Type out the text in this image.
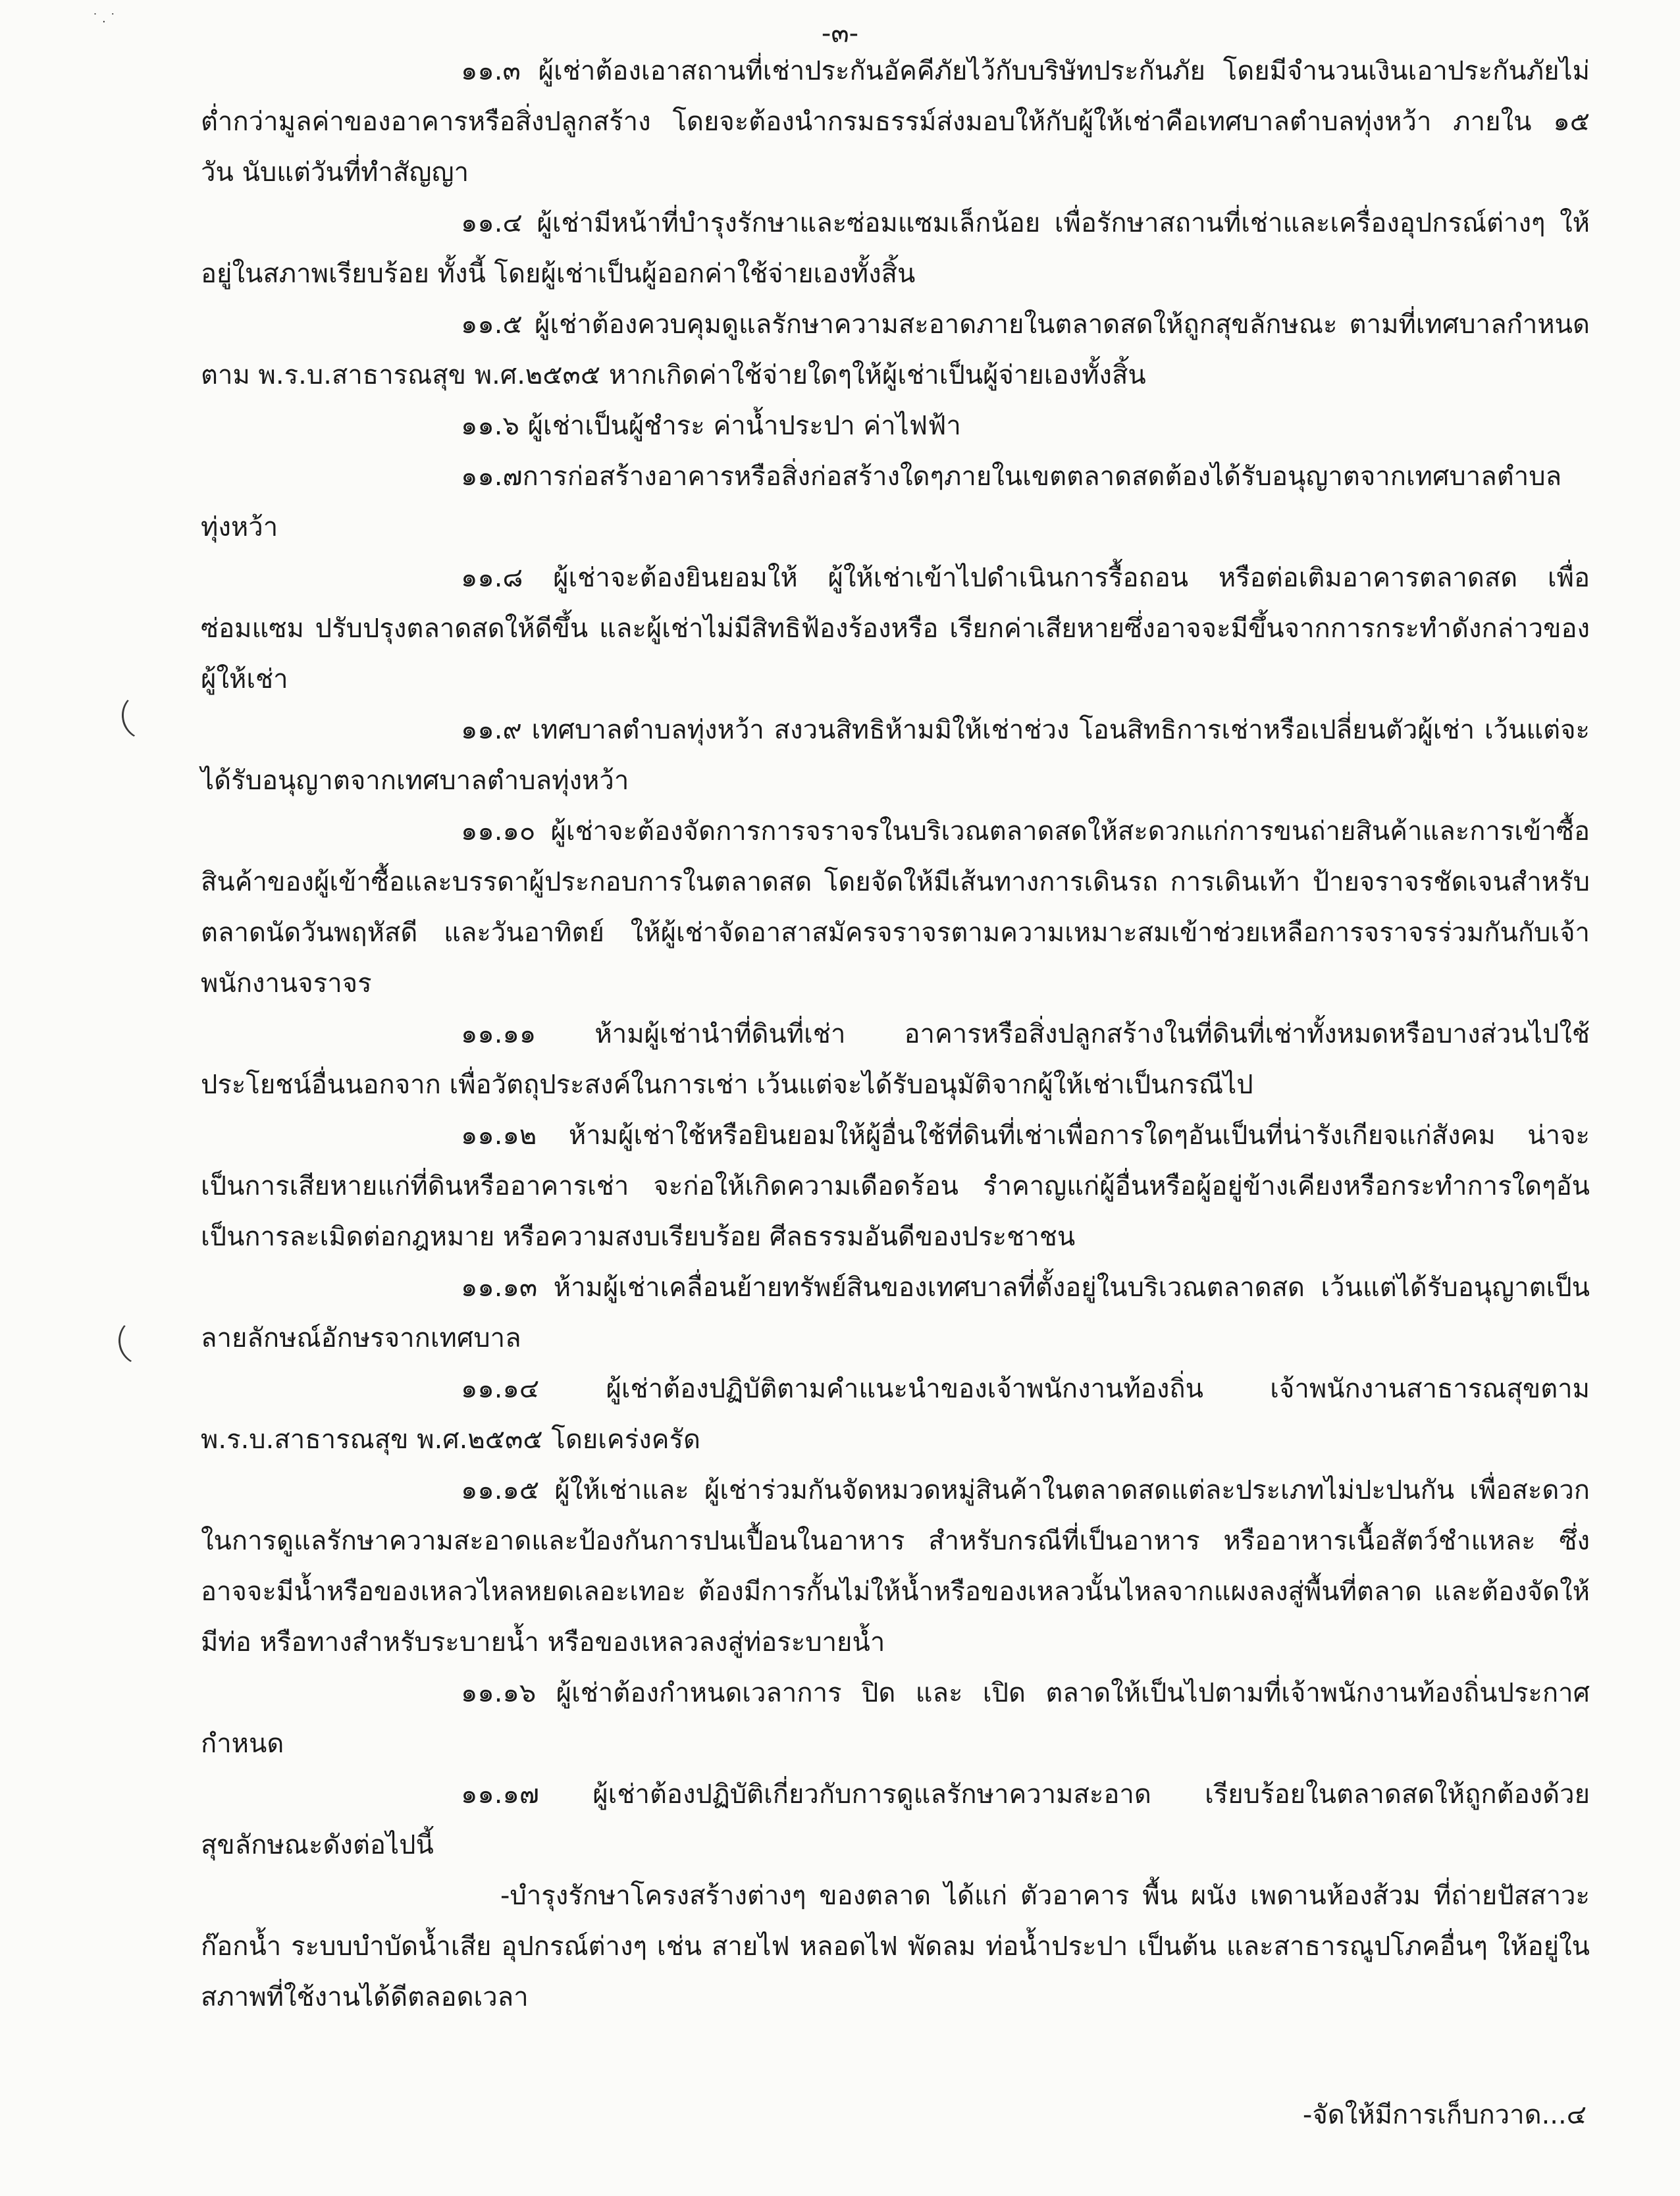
˙.˙	-๓-

๑๑.๓ ผู้เช่าต้องเอาสถานที่เช่าประกันอัคคีภัยไว้กับบริษัทประกันภัย โดยมีจำนวนเงินเอาประกันภัยไม่ต่ำกว่ามูลค่าของอาคารหรือสิ่งปลูกสร้าง โดยจะต้องนำกรมธรรม์ส่งมอบให้กับผู้ให้เช่าคือเทศบาลตำบลทุ่งหว้า ภายใน ๑๕ วัน นับแต่วันที่ทำสัญญา

๑๑.๔ ผู้เช่ามีหน้าที่บำรุงรักษาและซ่อมแซมเล็กน้อย เพื่อรักษาสถานที่เช่าและเครื่องอุปกรณ์ต่างๆ ให้อยู่ในสภาพเรียบร้อย ทั้งนี้ โดยผู้เช่าเป็นผู้ออกค่าใช้จ่ายเองทั้งสิ้น

๑๑.๕ ผู้เช่าต้องควบคุมดูแลรักษาความสะอาดภายในตลาดสดให้ถูกสุขลักษณะ ตามที่เทศบาลกำหนด ตาม พ.ร.บ.สาธารณสุข พ.ศ.๒๕๓๕ หากเกิดค่าใช้จ่ายใดๆให้ผู้เช่าเป็นผู้จ่ายเองทั้งสิ้น

๑๑.๖ ผู้เช่าเป็นผู้ชำระ ค่าน้ำประปา ค่าไฟฟ้า

๑๑.๗การก่อสร้างอาคารหรือสิ่งก่อสร้างใดๆภายในเขตตลาดสดต้องได้รับอนุญาตจากเทศบาลตำบล ทุ่งหว้า

๑๑.๘ ผู้เช่าจะต้องยินยอมให้ ผู้ให้เช่าเข้าไปดำเนินการรื้อถอน หรือต่อเติมอาคารตลาดสด เพื่อซ่อมแซม ปรับปรุงตลาดสดให้ดีขึ้น และผู้เช่าไม่มีสิทธิฟ้องร้องหรือ เรียกค่าเสียหายซึ่งอาจจะมีขึ้นจากการกระทำดังกล่าวของผู้ให้เช่า

๑๑.๙ เทศบาลตำบลทุ่งหว้า สงวนสิทธิห้ามมิให้เช่าช่วง โอนสิทธิการเช่าหรือเปลี่ยนตัวผู้เช่า เว้นแต่จะได้รับอนุญาตจากเทศบาลตำบลทุ่งหว้า

๑๑.๑๐ ผู้เช่าจะต้องจัดการการจราจรในบริเวณตลาดสดให้สะดวกแก่การขนถ่ายสินค้าและการเข้าซื้อสินค้าของผู้เข้าซื้อและบรรดาผู้ประกอบการในตลาดสด โดยจัดให้มีเส้นทางการเดินรถ การเดินเท้า ป้ายจราจรชัดเจนสำหรับตลาดนัดวันพฤหัสดี และวันอาทิตย์ ให้ผู้เช่าจัดอาสาสมัครจราจรตามความเหมาะสมเข้าช่วยเหลือการจราจรร่วมกันกับเจ้าพนักงานจราจร

๑๑.๑๑ ห้ามผู้เช่านำที่ดินที่เช่า อาคารหรือสิ่งปลูกสร้างในที่ดินที่เช่าทั้งหมดหรือบางส่วนไปใช้ประโยชน์อื่นนอกจาก เพื่อวัตถุประสงค์ในการเช่า เว้นแต่จะได้รับอนุมัติจากผู้ให้เช่าเป็นกรณีไป

๑๑.๑๒ ห้ามผู้เช่าใช้หรือยินยอมให้ผู้อื่นใช้ที่ดินที่เช่าเพื่อการใดๆอันเป็นที่น่ารังเกียจแก่สังคม น่าจะเป็นการเสียหายแก่ที่ดินหรืออาคารเช่า จะก่อให้เกิดความเดือดร้อน รำคาญแก่ผู้อื่นหรือผู้อยู่ข้างเคียงหรือกระทำการใดๆอันเป็นการละเมิดต่อกฎหมาย หรือความสงบเรียบร้อย ศีลธรรมอันดีของประชาชน

๑๑.๑๓ ห้ามผู้เช่าเคลื่อนย้ายทรัพย์สินของเทศบาลที่ตั้งอยู่ในบริเวณตลาดสด เว้นแต่ได้รับอนุญาตเป็นลายลักษณ์อักษรจากเทศบาล

๑๑.๑๔ ผู้เช่าต้องปฏิบัติตามคำแนะนำของเจ้าพนักงานท้องถิ่น เจ้าพนักงานสาธารณสุขตาม พ.ร.บ.สาธารณสุข พ.ศ.๒๕๓๕ โดยเคร่งครัด

๑๑.๑๕ ผู้ให้เช่าและ ผู้เช่าร่วมกันจัดหมวดหมู่สินค้าในตลาดสดแต่ละประเภทไม่ปะปนกัน เพื่อสะดวกในการดูแลรักษาความสะอาดและป้องกันการปนเปื้อนในอาหาร สำหรับกรณีที่เป็นอาหาร หรืออาหารเนื้อสัตว์ชำแหละ ซึ่งอาจจะมีน้ำหรือของเหลวไหลหยดเลอะเทอะ ต้องมีการกั้นไม่ให้น้ำหรือของเหลวนั้นไหลจากแผงลงสู่พื้นที่ตลาด และต้องจัดให้มีท่อ หรือทางสำหรับระบายน้ำ หรือของเหลวลงสู่ท่อระบายน้ำ

๑๑.๑๖ ผู้เช่าต้องกำหนดเวลาการ ปิด และ เปิด ตลาดให้เป็นไปตามที่เจ้าพนักงานท้องถิ่นประกาศกำหนด

๑๑.๑๗ ผู้เช่าต้องปฏิบัติเกี่ยวกับการดูแลรักษาความสะอาด เรียบร้อยในตลาดสดให้ถูกต้องด้วยสุขลักษณะดังต่อไปนี้

-บำรุงรักษาโครงสร้างต่างๆ ของตลาด ได้แก่ ตัวอาคาร พื้น ผนัง เพดานห้องส้วม ที่ถ่ายปัสสาวะ ก๊อกน้ำ ระบบบำบัดน้ำเสีย อุปกรณ์ต่างๆ เช่น สายไฟ หลอดไฟ พัดลม ท่อน้ำประปา เป็นต้น และสาธารณูปโภคอื่นๆ ให้อยู่ในสภาพที่ใช้งานได้ดีตลอดเวลา

-จัดให้มีการเก็บกวาด...๔
